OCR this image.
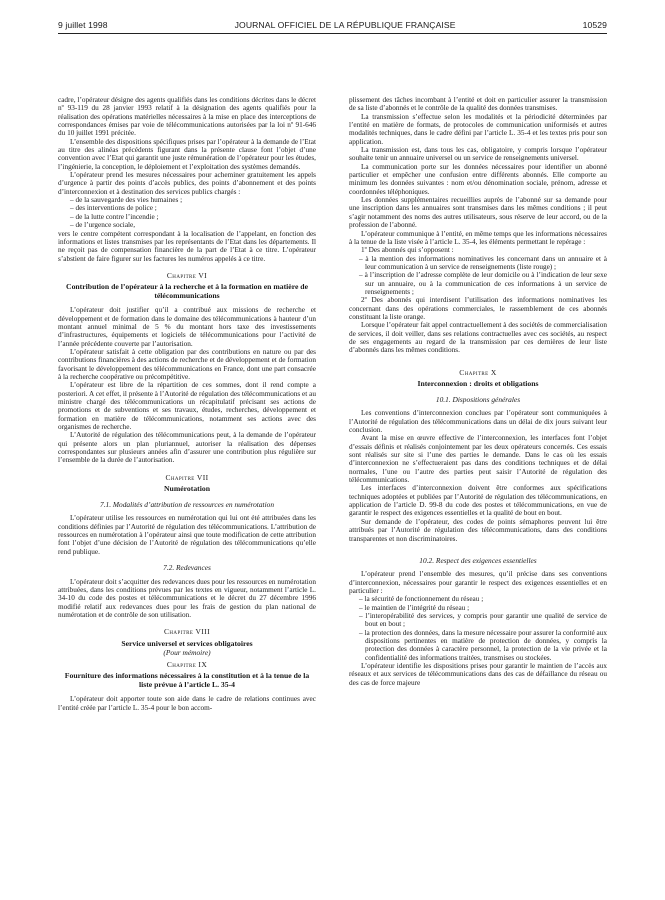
9 juillet 1998	JOURNAL OFFICIEL DE LA RÉPUBLIQUE FRANÇAISE	10529

cadre, l’opérateur désigne des agents qualifiés dans les conditions décrites dans le décret nº 93-119 du 28 janvier 1993 relatif à la désignation des agents qualifiés pour la réalisation des opérations matérielles nécessaires à la mise en place des interceptions de correspondances émises par voie de télécommunications autorisées par la loi nº 91-646 du 10 juillet 1991 précitée.

L’ensemble des dispositions spécifiques prises par l’opérateur à la demande de l’Etat au titre des alinéas précédents figurant dans la présente clause font l’objet d’une convention avec l’Etat qui garantit une juste rémunération de l’opérateur pour les études, l’ingénierie, la conception, le déploiement et l’exploitation des systèmes demandés.

L’opérateur prend les mesures nécessaires pour acheminer gratuitement les appels d’urgence à partir des points d’accès publics, des points d’abonnement et des points d’interconnexion et à destination des services publics chargés :

– de la sauvegarde des vies humaines ;

– des interventions de police ;

– de la lutte contre l’incendie ;

– de l’urgence sociale,

vers le centre compétent correspondant à la localisation de l’appelant, en fonction des informations et listes transmises par les représentants de l’Etat dans les départements. Il ne reçoit pas de compensation financière de la part de l’Etat à ce titre. L’opérateur s’abstient de faire figurer sur les factures les numéros appelés à ce titre.

Chapitre VI
Contribution de l’opérateur à la recherche et à la formation en matière de télécommunications

L’opérateur doit justifier qu’il a contribué aux missions de recherche et développement et de formation dans le domaine des télécommunications à hauteur d’un montant annuel minimal de 5 % du montant hors taxe des investissements d’infrastructures, équipements et logiciels de télécommunications pour l’activité de l’année précédente couverte par l’autorisation.

L’opérateur satisfait à cette obligation par des contributions en nature ou par des contributions financières à des actions de recherche et de développement et de formation favorisant le développement des télécommunications en France, dont une part consacrée à la recherche coopérative ou précompétitive.

L’opérateur est libre de la répartition de ces sommes, dont il rend compte a posteriori. A cet effet, il présente à l’Autorité de régulation des télécommunications et au ministre chargé des télécommunications un récapitulatif précisant ses actions de promotions et de subventions et ses travaux, études, recherches, développement et formation en matière de télécommunications, notamment ses actions avec des organismes de recherche.

L’Autorité de régulation des télécommunications peut, à la demande de l’opérateur qui présente alors un plan pluriannuel, autoriser la réalisation des dépenses correspondantes sur plusieurs années afin d’assurer une contribution plus régulière sur l’ensemble de la durée de l’autorisation.

Chapitre VII
Numérotation
7.1. Modalités d’attribution de ressources en numérotation

L’opérateur utilise les ressources en numérotation qui lui ont été attribuées dans les conditions définies par l’Autorité de régulation des télécommunications. L’attribution de ressources en numérotation à l’opérateur ainsi que toute modification de cette attribution font l’objet d’une décision de l’Autorité de régulation des télécommunications qu’elle rend publique.

7.2. Redevances

L’opérateur doit s’acquitter des redevances dues pour les ressources en numérotation attribuées, dans les conditions prévues par les textes en vigueur, notamment l’article L. 34-10 du code des postes et télécommunications et le décret du 27 décembre 1996 modifié relatif aux redevances dues pour les frais de gestion du plan national de numérotation et de contrôle de son utilisation.

Chapitre VIII
Service universel et services obligatoires
(Pour mémoire)
Chapitre IX
Fourniture des informations nécessaires à la constitution et à la tenue de la liste prévue à l’article L. 35-4

L’opérateur doit apporter toute son aide dans le cadre de relations continues avec l’entité créée par l’article L. 35-4 pour le bon accom-

plissement des tâches incombant à l’entité et doit en particulier assurer la transmission de sa liste d’abonnés et le contrôle de la qualité des données transmises.

La transmission s’effectue selon les modalités et la périodicité déterminées par l’entité en matière de formats, de protocoles de communication uniformisés et autres modalités techniques, dans le cadre défini par l’article L. 35-4 et les textes pris pour son application.

La transmission est, dans tous les cas, obligatoire, y compris lorsque l’opérateur souhaite tenir un annuaire universel ou un service de renseignements universel.

La communication porte sur les données nécessaires pour identifier un abonné particulier et empêcher une confusion entre différents abonnés. Elle comporte au minimum les données suivantes : nom et/ou dénomination sociale, prénom, adresse et coordonnées téléphoniques.

Les données supplémentaires recueillies auprès de l’abonné sur sa demande pour une inscription dans les annuaires sont transmises dans les mêmes conditions ; il peut s’agir notamment des noms des autres utilisateurs, sous réserve de leur accord, ou de la profession de l’abonné.

L’opérateur communique à l’entité, en même temps que les informations nécessaires à la tenue de la liste visée à l’article L. 35-4, les éléments permettant le repérage :

1º Des abonnés qui s’opposent :

– à la mention des informations nominatives les concernant dans un annuaire et à leur communication à un service de renseignements (liste rouge) ;

– à l’inscription de l’adresse complète de leur domicile ou à l’indication de leur sexe sur un annuaire, ou à la communication de ces informations à un service de renseignements ;

2º Des abonnés qui interdisent l’utilisation des informations nominatives les concernant dans des opérations commerciales, le rassemblement de ces abonnés constituant la liste orange.

Lorsque l’opérateur fait appel contractuellement à des sociétés de commercialisation de services, il doit veiller, dans ses relations contractuelles avec ces sociétés, au respect de ses engagements au regard de la transmission par ces dernières de leur liste d’abonnés dans les mêmes conditions.

Chapitre X
Interconnexion : droits et obligations
10.1. Dispositions générales

Les conventions d’interconnexion conclues par l’opérateur sont communiquées à l’Autorité de régulation des télécommunications dans un délai de dix jours suivant leur conclusion.

Avant la mise en œuvre effective de l’interconnexion, les interfaces font l’objet d’essais définis et réalisés conjointement par les deux opérateurs concernés. Ces essais sont réalisés sur site si l’une des parties le demande. Dans le cas où les essais d’interconnexion ne s’effectueraient pas dans des conditions techniques et de délai normales, l’une ou l’autre des parties peut saisir l’Autorité de régulation des télécommunications.

Les interfaces d’interconnexion doivent être conformes aux spécifications techniques adoptées et publiées par l’Autorité de régulation des télécommunications, en application de l’article D. 99-8 du code des postes et télécommunications, en vue de garantir le respect des exigences essentielles et la qualité de bout en bout.

Sur demande de l’opérateur, des codes de points sémaphores peuvent lui être attribués par l’Autorité de régulation des télécommunications, dans des conditions transparentes et non discriminatoires.

10.2. Respect des exigences essentielles

L’opérateur prend l’ensemble des mesures, qu’il précise dans ses conventions d’interconnexion, nécessaires pour garantir le respect des exigences essentielles et en particulier :

– la sécurité de fonctionnement du réseau ;

– le maintien de l’intégrité du réseau ;

– l’interopérabilité des services, y compris pour garantir une qualité de service de bout en bout ;

– la protection des données, dans la mesure nécessaire pour assurer la conformité aux dispositions pertinentes en matière de protection de données, y compris la protection des données à caractère personnel, la protection de la vie privée et la confidentialité des informations traitées, transmises ou stockées.

L’opérateur identifie les dispositions prises pour garantir le maintien de l’accès aux réseaux et aux services de télécommunications dans des cas de défaillance du réseau ou des cas de force majeure
